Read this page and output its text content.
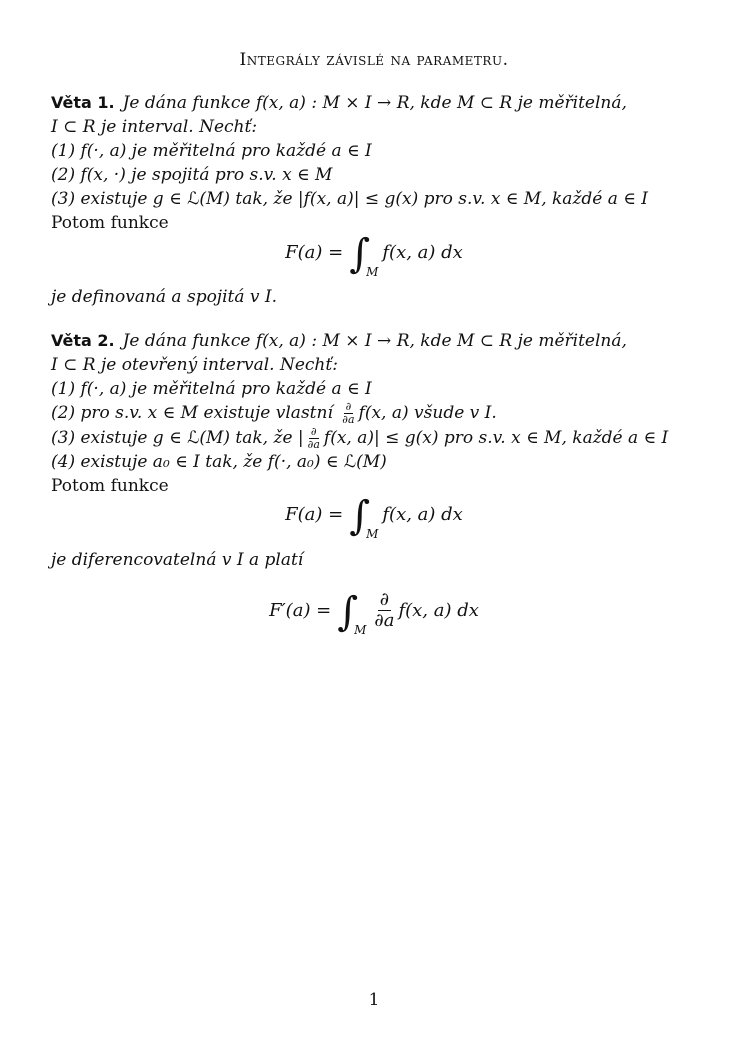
Integrály závislé na parametru.
Věta 1. Je dána funkce f(x, a) : M × I → R, kde M ⊂ R je měřitelná,
I ⊂ R je interval. Nechť:
(1) f(·, a) je měřitelná pro každé a ∈ I
(2) f(x, ·) je spojitá pro s.v. x ∈ M
(3) existuje g ∈ ℒ(M) tak, že |f(x, a)| ≤ g(x) pro s.v. x ∈ M, každé a ∈ I
Potom funkce
F(a) = ∫
M
f(x, a) dx
je definovaná a spojitá v I.
Věta 2. Je dána funkce f(x, a) : M × I → R, kde M ⊂ R je měřitelná,
I ⊂ R je otevřený interval. Nechť:
(1) f(·, a) je měřitelná pro každé a ∈ I
(2) pro s.v. x ∈ M existuje vlastní $\frac{\partial}{\partial a} f(x$, a) všude v I.
(3) existuje g ∈ ℒ(M) tak, že | $\frac{\partial}{\partial a} f(x$, a)| ≤ g(x) pro s.v. x ∈ M, každé a ∈ I
(4) existuje a₀ ∈ I tak, že f(·, a₀) ∈ ℒ(M)
Potom funkce
F(a) = ∫
M
f(x, a) dx
je diferencovatelná v I a platí
F′(a) = ∫
M $\frac{\partial}{\partial a} f(x$, a) dx
1
